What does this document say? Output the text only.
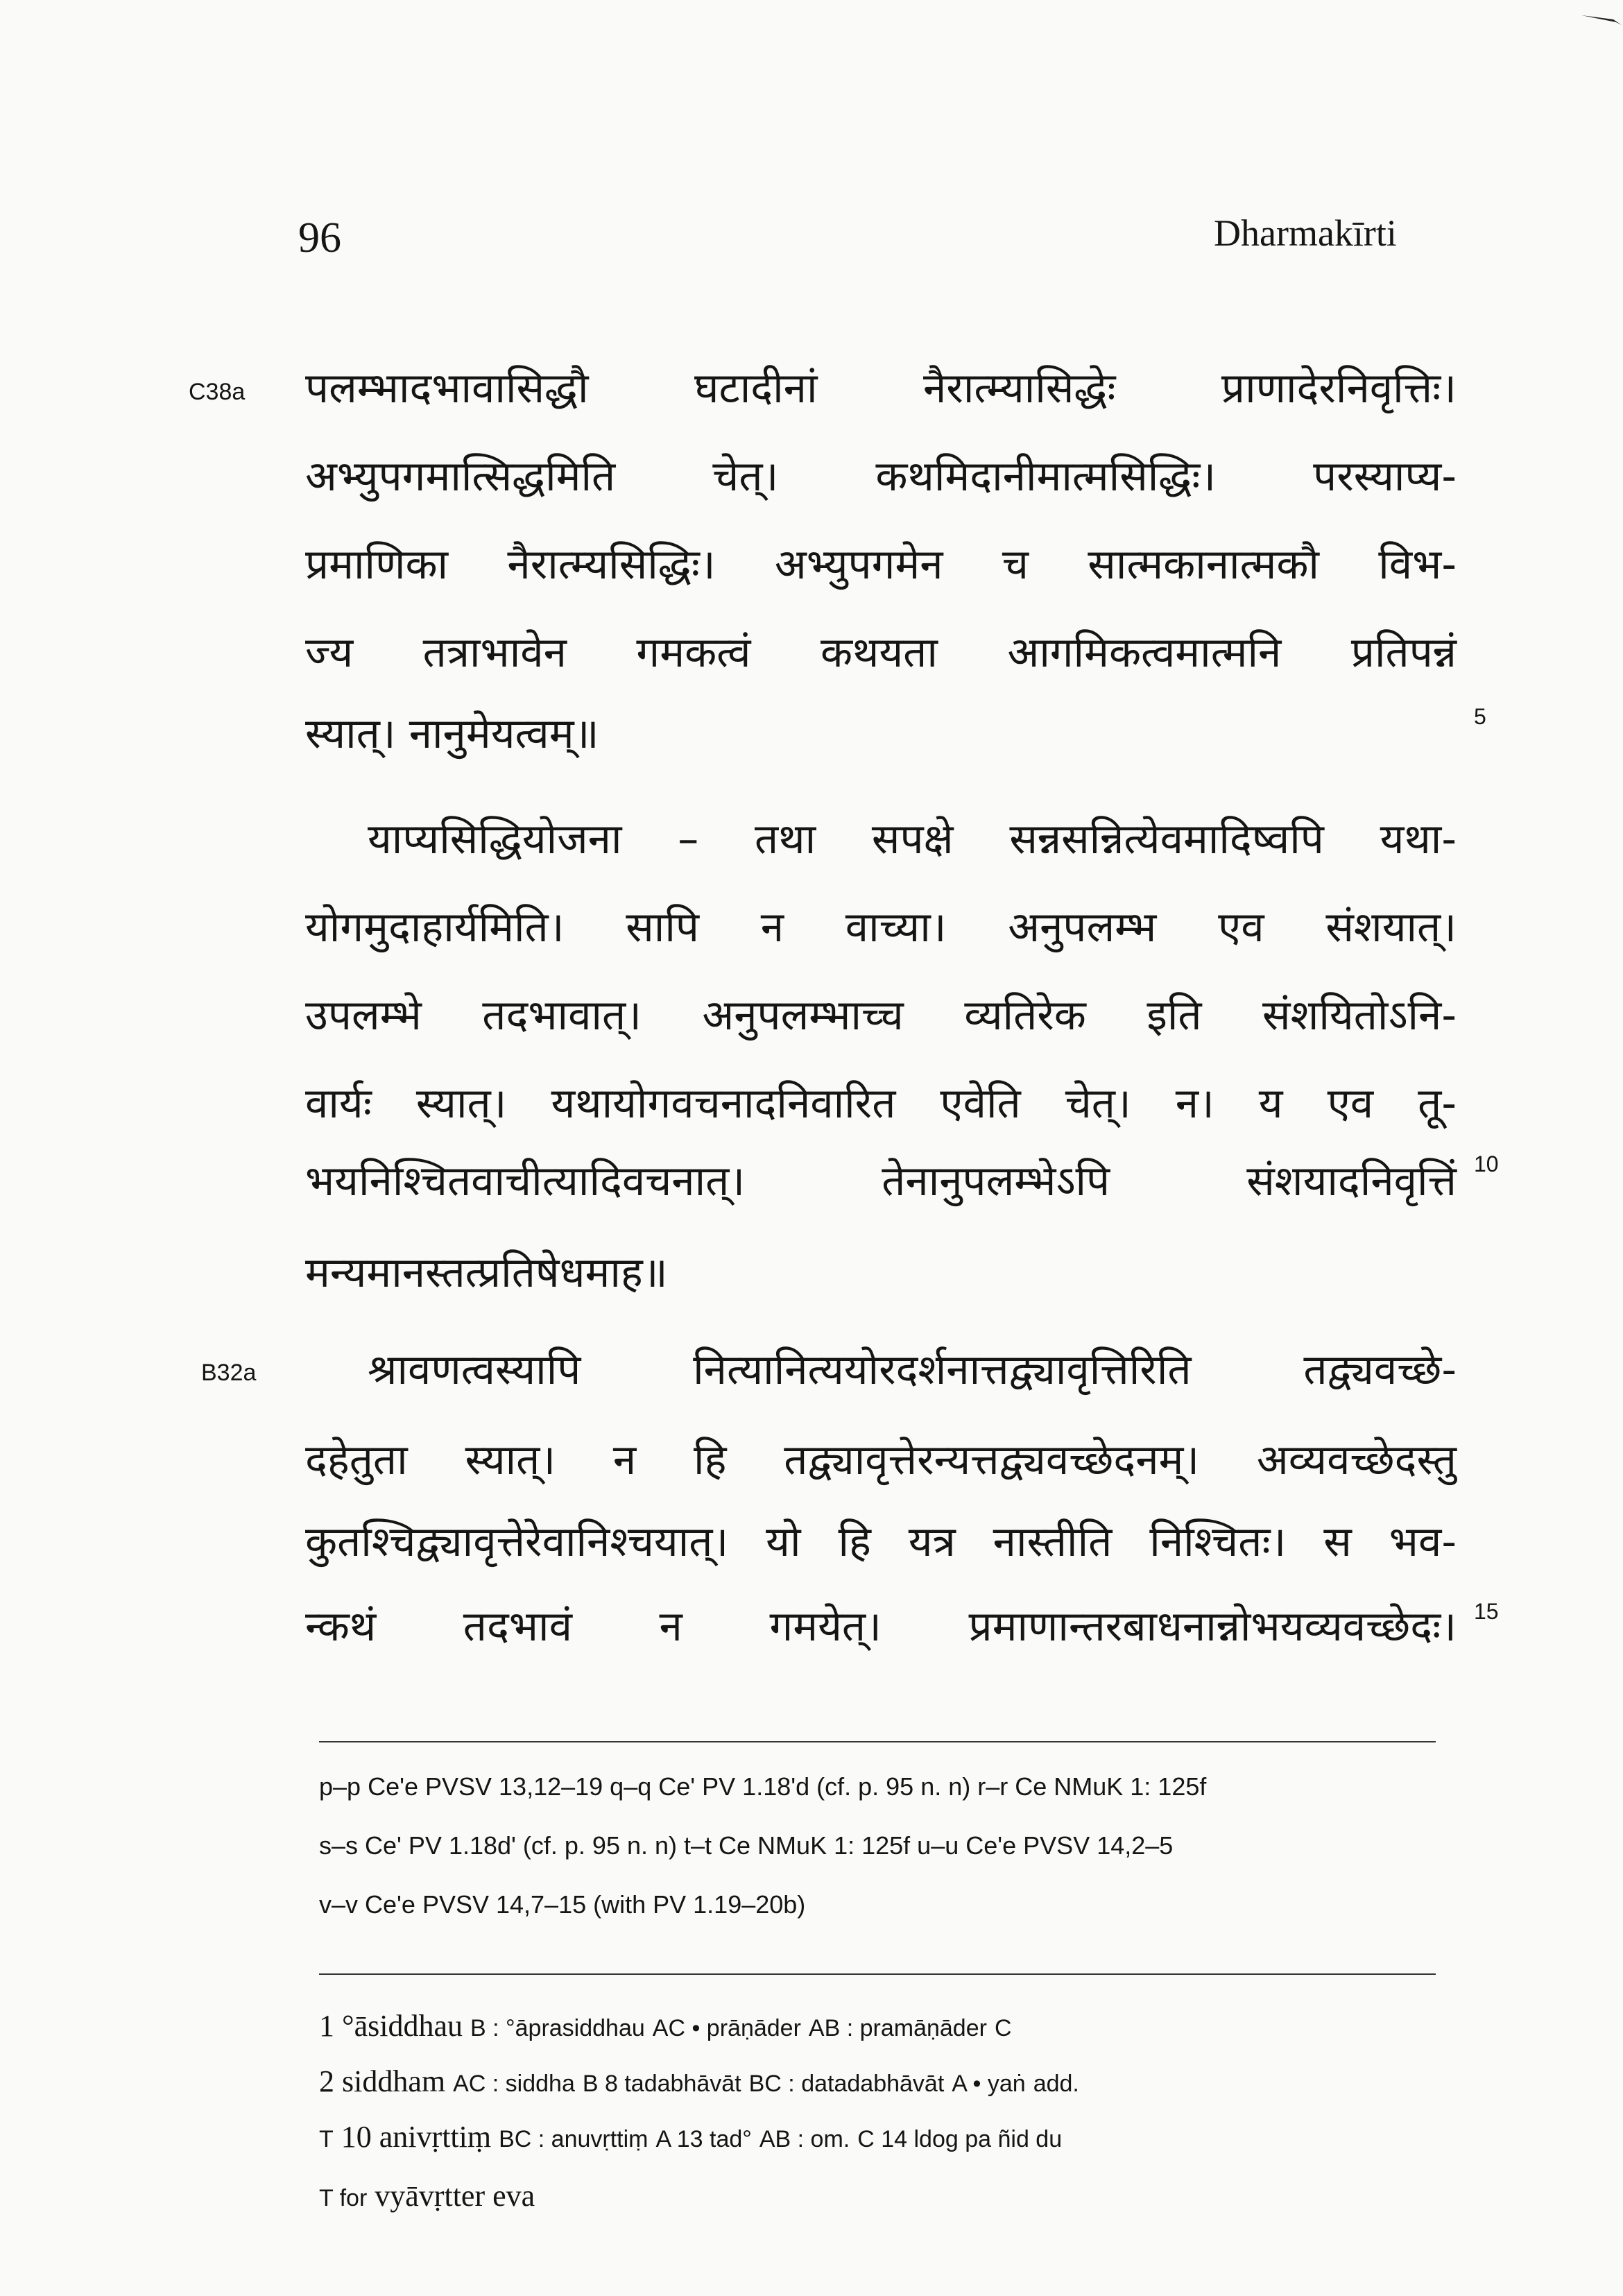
96	Dharmakīrti
C38a
B32a
5
10
15
पलम्भादभावासिद्धौ घटादीनां नैरात्म्यासिद्धेः प्राणादेरनिवृत्तिः।
अभ्युपगमात्सिद्धमिति चेत्। कथमिदानीमात्मसिद्धिः। परस्याप्य-
प्रमाणिका नैरात्म्यसिद्धिः। अभ्युपगमेन च सात्मकानात्मकौ विभ-
ज्य तत्राभावेन गमकत्वं कथयता आगमिकत्वमात्मनि प्रतिपन्नं
स्यात्। नानुमेयत्वम्॥
याप्यसिद्धियोजना – तथा सपक्षे सन्नसन्नित्येवमादिष्वपि यथा-
योगमुदाहार्यमिति। सापि न वाच्या। अनुपलम्भ एव संशयात्।
उपलम्भे तदभावात्। अनुपलम्भाच्च व्यतिरेक इति संशयितोऽनि-
वार्यः स्यात्। यथायोगवचनादनिवारित एवेति चेत्। न। य एव तू-
भयनिश्चितवाचीत्यादिवचनात्। तेनानुपलम्भेऽपि संशयादनिवृत्तिं
मन्यमानस्तत्प्रतिषेधमाह॥
श्रावणत्वस्यापि नित्यानित्ययोरदर्शनात्तद्व्यावृत्तिरिति तद्व्यवच्छे-
दहेतुता स्यात्। न हि तद्व्यावृत्तेरन्यत्तद्व्यवच्छेदनम्। अव्यवच्छेदस्तु
कुतश्चिद्व्यावृत्तेरेवानिश्चयात्। यो हि यत्र नास्तीति निश्चितः। स भव-
न्कथं तदभावं न गमयेत्। प्रमाणान्तरबाधनान्नोभयव्यवच्छेदः।
p–p Ce'e PVSV 13,12–19 q–q Ce' PV 1.18'd (cf. p. 95 n. n) r–r Ce NMuK 1: 125f
s–s Ce' PV 1.18d' (cf. p. 95 n. n) t–t Ce NMuK 1: 125f u–u Ce'e PVSV 14,2–5
v–v Ce'e PVSV 14,7–15 (with PV 1.19–20b)
1 °āsiddhau B : °āprasiddhau AC • prāṇāder AB : pramāṇāder C
2 siddham AC : siddha B 8 tadabhāvāt BC : datadabhāvāt A • yaṅ add.
T 10 anivṛttiṃ BC : anuvṛttiṃ A 13 tad° AB : om. C 14 ldog pa ñid du
T for vyāvṛtter eva
